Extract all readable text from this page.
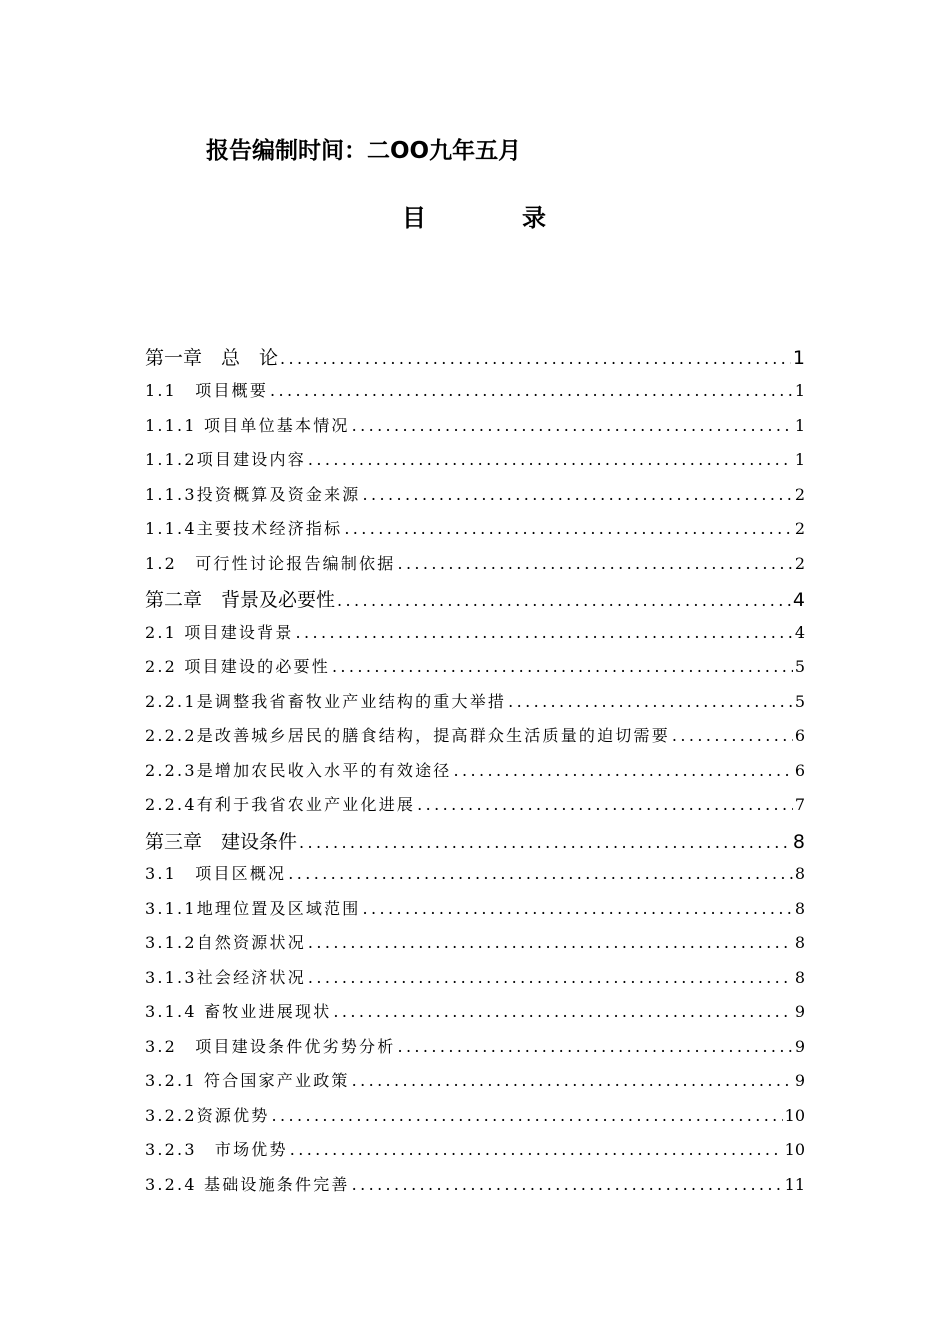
报告编制时间：二OO九年五月
目	录
第一章　总　论 .....	1
1.1　项目概要 .....	1
1.1.1 项目单位基本情况 .....	1
1.1.2项目建设内容 .....	1
1.1.3投资概算及资金来源 .....	2
1.1.4主要技术经济指标 .....	2
1.2　可行性讨论报告编制依据 .....	2
第二章　背景及必要性 .....	4
2.1 项目建设背景 .....	4
2.2 项目建设的必要性 .....	5
2.2.1是调整我省畜牧业产业结构的重大举措 .....	5
2.2.2是改善城乡居民的膳食结构，提高群众生活质量的迫切需要 .....	6
2.2.3是增加农民收入水平的有效途径 .....	6
2.2.4有利于我省农业产业化进展 .....	7
第三章　建设条件 .....	8
3.1　项目区概况 .....	8
3.1.1地理位置及区域范围 .....	8
3.1.2自然资源状况 .....	8
3.1.3社会经济状况 .....	8
3.1.4 畜牧业进展现状 .....	9
3.2　项目建设条件优劣势分析 .....	9
3.2.1 符合国家产业政策 .....	9
3.2.2资源优势 .....	10
3.2.3　市场优势 .....	10
3.2.4 基础设施条件完善 .....	11
